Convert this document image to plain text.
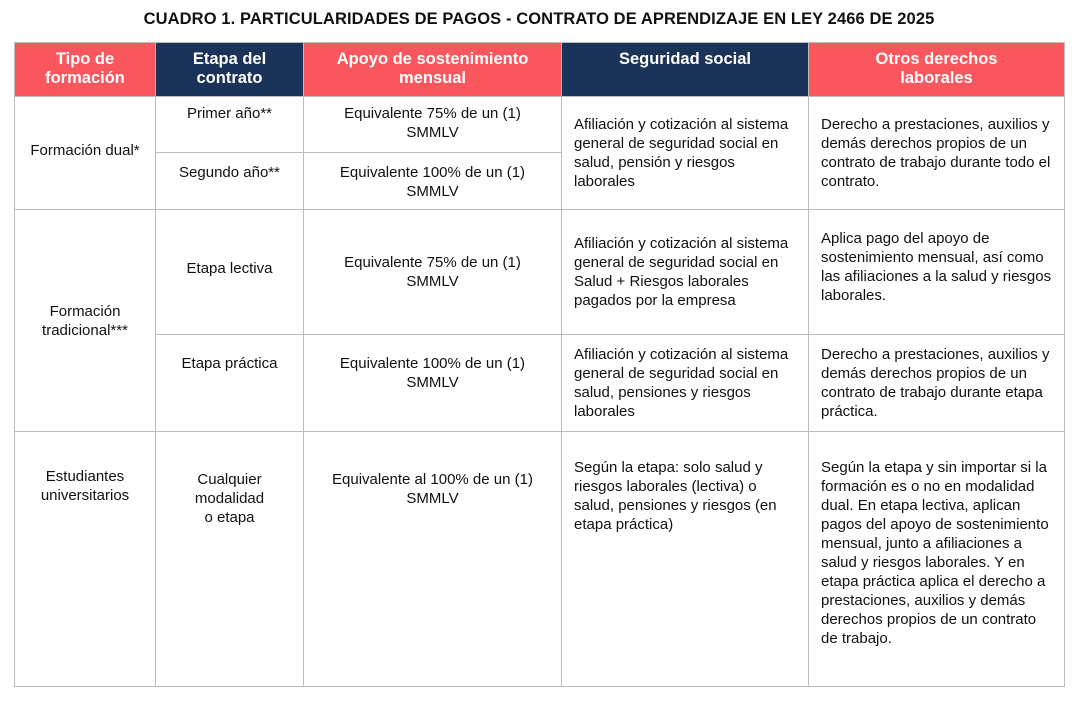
CUADRO 1. PARTICULARIDADES DE PAGOS - CONTRATO DE APRENDIZAJE EN LEY 2466 DE 2025
Tipo de formación	Etapa del contrato	Apoyo de sostenimiento mensual	Seguridad social	Otros derechos laborales

Formación dual*	Primer año**	Equivalente 75% de un (1) SMMLV	Afiliación y cotización al sistema general de seguridad social en salud, pensión y riesgos laborales	Derecho a prestaciones, auxilios y demás derechos propios de un contrato de trabajo durante todo el contrato.

	Segundo año**	Equivalente 100% de un (1) SMMLV		

Formación tradicional***	Etapa lectiva	Equivalente 75% de un (1) SMMLV	Afiliación y cotización al sistema general de seguridad social en Salud + Riesgos laborales pagados por la empresa	Aplica pago del apoyo de sostenimiento mensual, así como las afiliaciones a la salud y riesgos laborales.

	Etapa práctica	Equivalente 100% de un (1) SMMLV	Afiliación y cotización al sistema general de seguridad social en salud, pensiones y riesgos laborales	Derecho a prestaciones, auxilios y demás derechos propios de un contrato de trabajo durante etapa práctica.

Estudiantes universitarios	Cualquier modalidad o etapa	Equivalente al 100% de un (1) SMMLV	Según la etapa: solo salud y riesgos laborales (lectiva) o salud, pensiones y riesgos (en etapa práctica)	Según la etapa y sin importar si la formación es o no en modalidad dual. En etapa lectiva, aplican pagos del apoyo de sostenimiento mensual, junto a afiliaciones a salud y riesgos laborales. Y en etapa práctica aplica el derecho a prestaciones, auxilios y demás derechos propios de un contrato de trabajo.
